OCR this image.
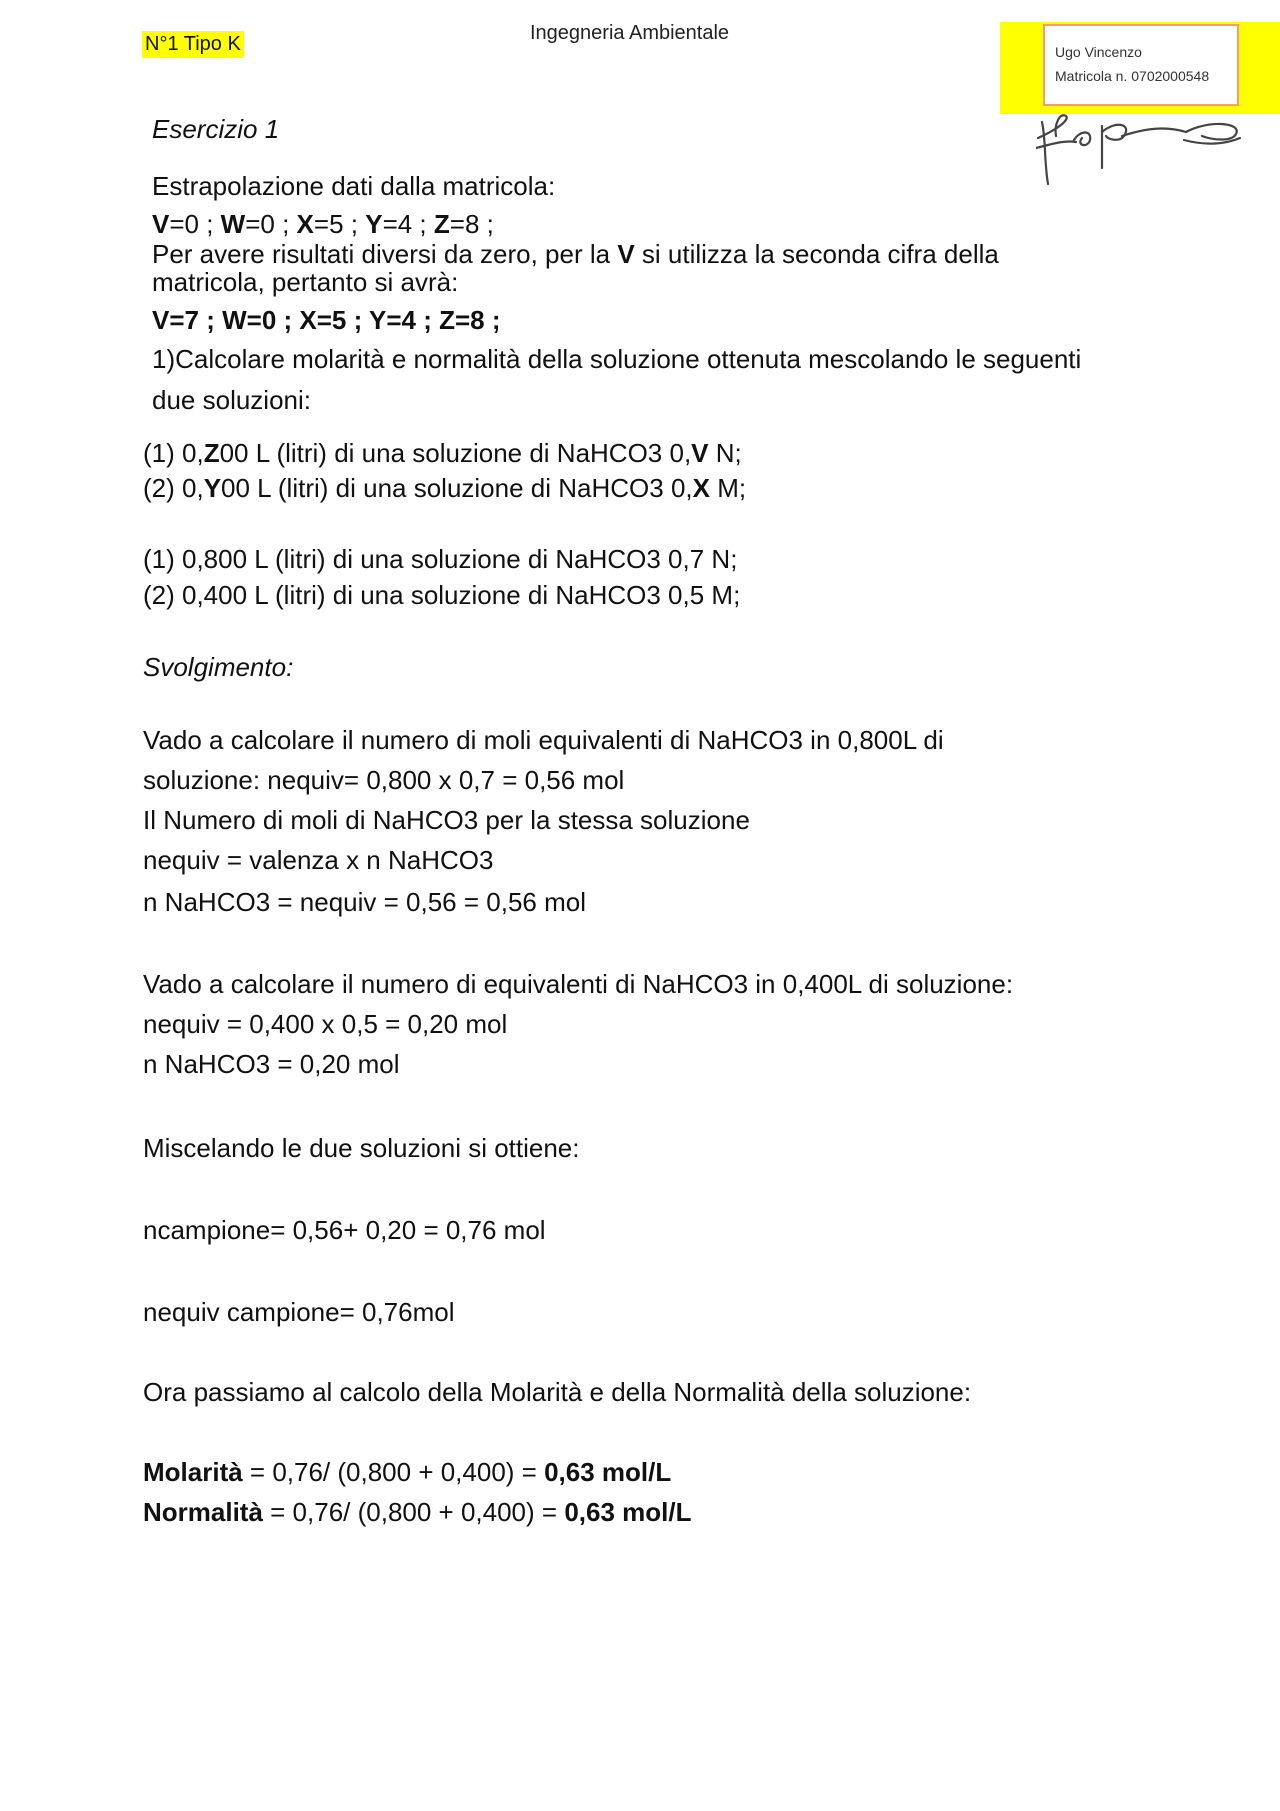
N°1 Tipo K	Ingegneria Ambientale
Ugo Vincenzo
Matricola n. 0702000548
Esercizio 1
Estrapolazione dati dalla matricola:
V=0 ; W=0 ; X=5 ; Y=4 ; Z=8 ;
Per avere risultati diversi da zero, per la V si utilizza la seconda cifra della
matricola, pertanto si avrà:
V=7 ; W=0 ; X=5 ; Y=4 ; Z=8 ;
1)Calcolare molarità e normalità della soluzione ottenuta mescolando le seguenti
due soluzioni:
(1) 0,Z00 L (litri) di una soluzione di NaHCO3 0,V N;
(2) 0,Y00 L (litri) di una soluzione di NaHCO3 0,X M;
(1) 0,800 L (litri) di una soluzione di NaHCO3 0,7 N;
(2) 0,400 L (litri) di una soluzione di NaHCO3 0,5 M;
Svolgimento:
Vado a calcolare il numero di moli equivalenti di NaHCO3 in 0,800L di
soluzione: nequiv= 0,800 x 0,7 = 0,56 mol
Il Numero di moli di NaHCO3 per la stessa soluzione
nequiv = valenza x n NaHCO3
n NaHCO3 = nequiv = 0,56 = 0,56 mol
Vado a calcolare il numero di equivalenti di NaHCO3 in 0,400L di soluzione:
nequiv = 0,400 x 0,5 = 0,20 mol
n NaHCO3 = 0,20 mol
Miscelando le due soluzioni si ottiene:
ncampione= 0,56+ 0,20 = 0,76 mol
nequiv campione= 0,76mol
Ora passiamo al calcolo della Molarità e della Normalità della soluzione:
Molarità = 0,76/ (0,800 + 0,400) = 0,63 mol/L
Normalità = 0,76/ (0,800 + 0,400) = 0,63 mol/L
